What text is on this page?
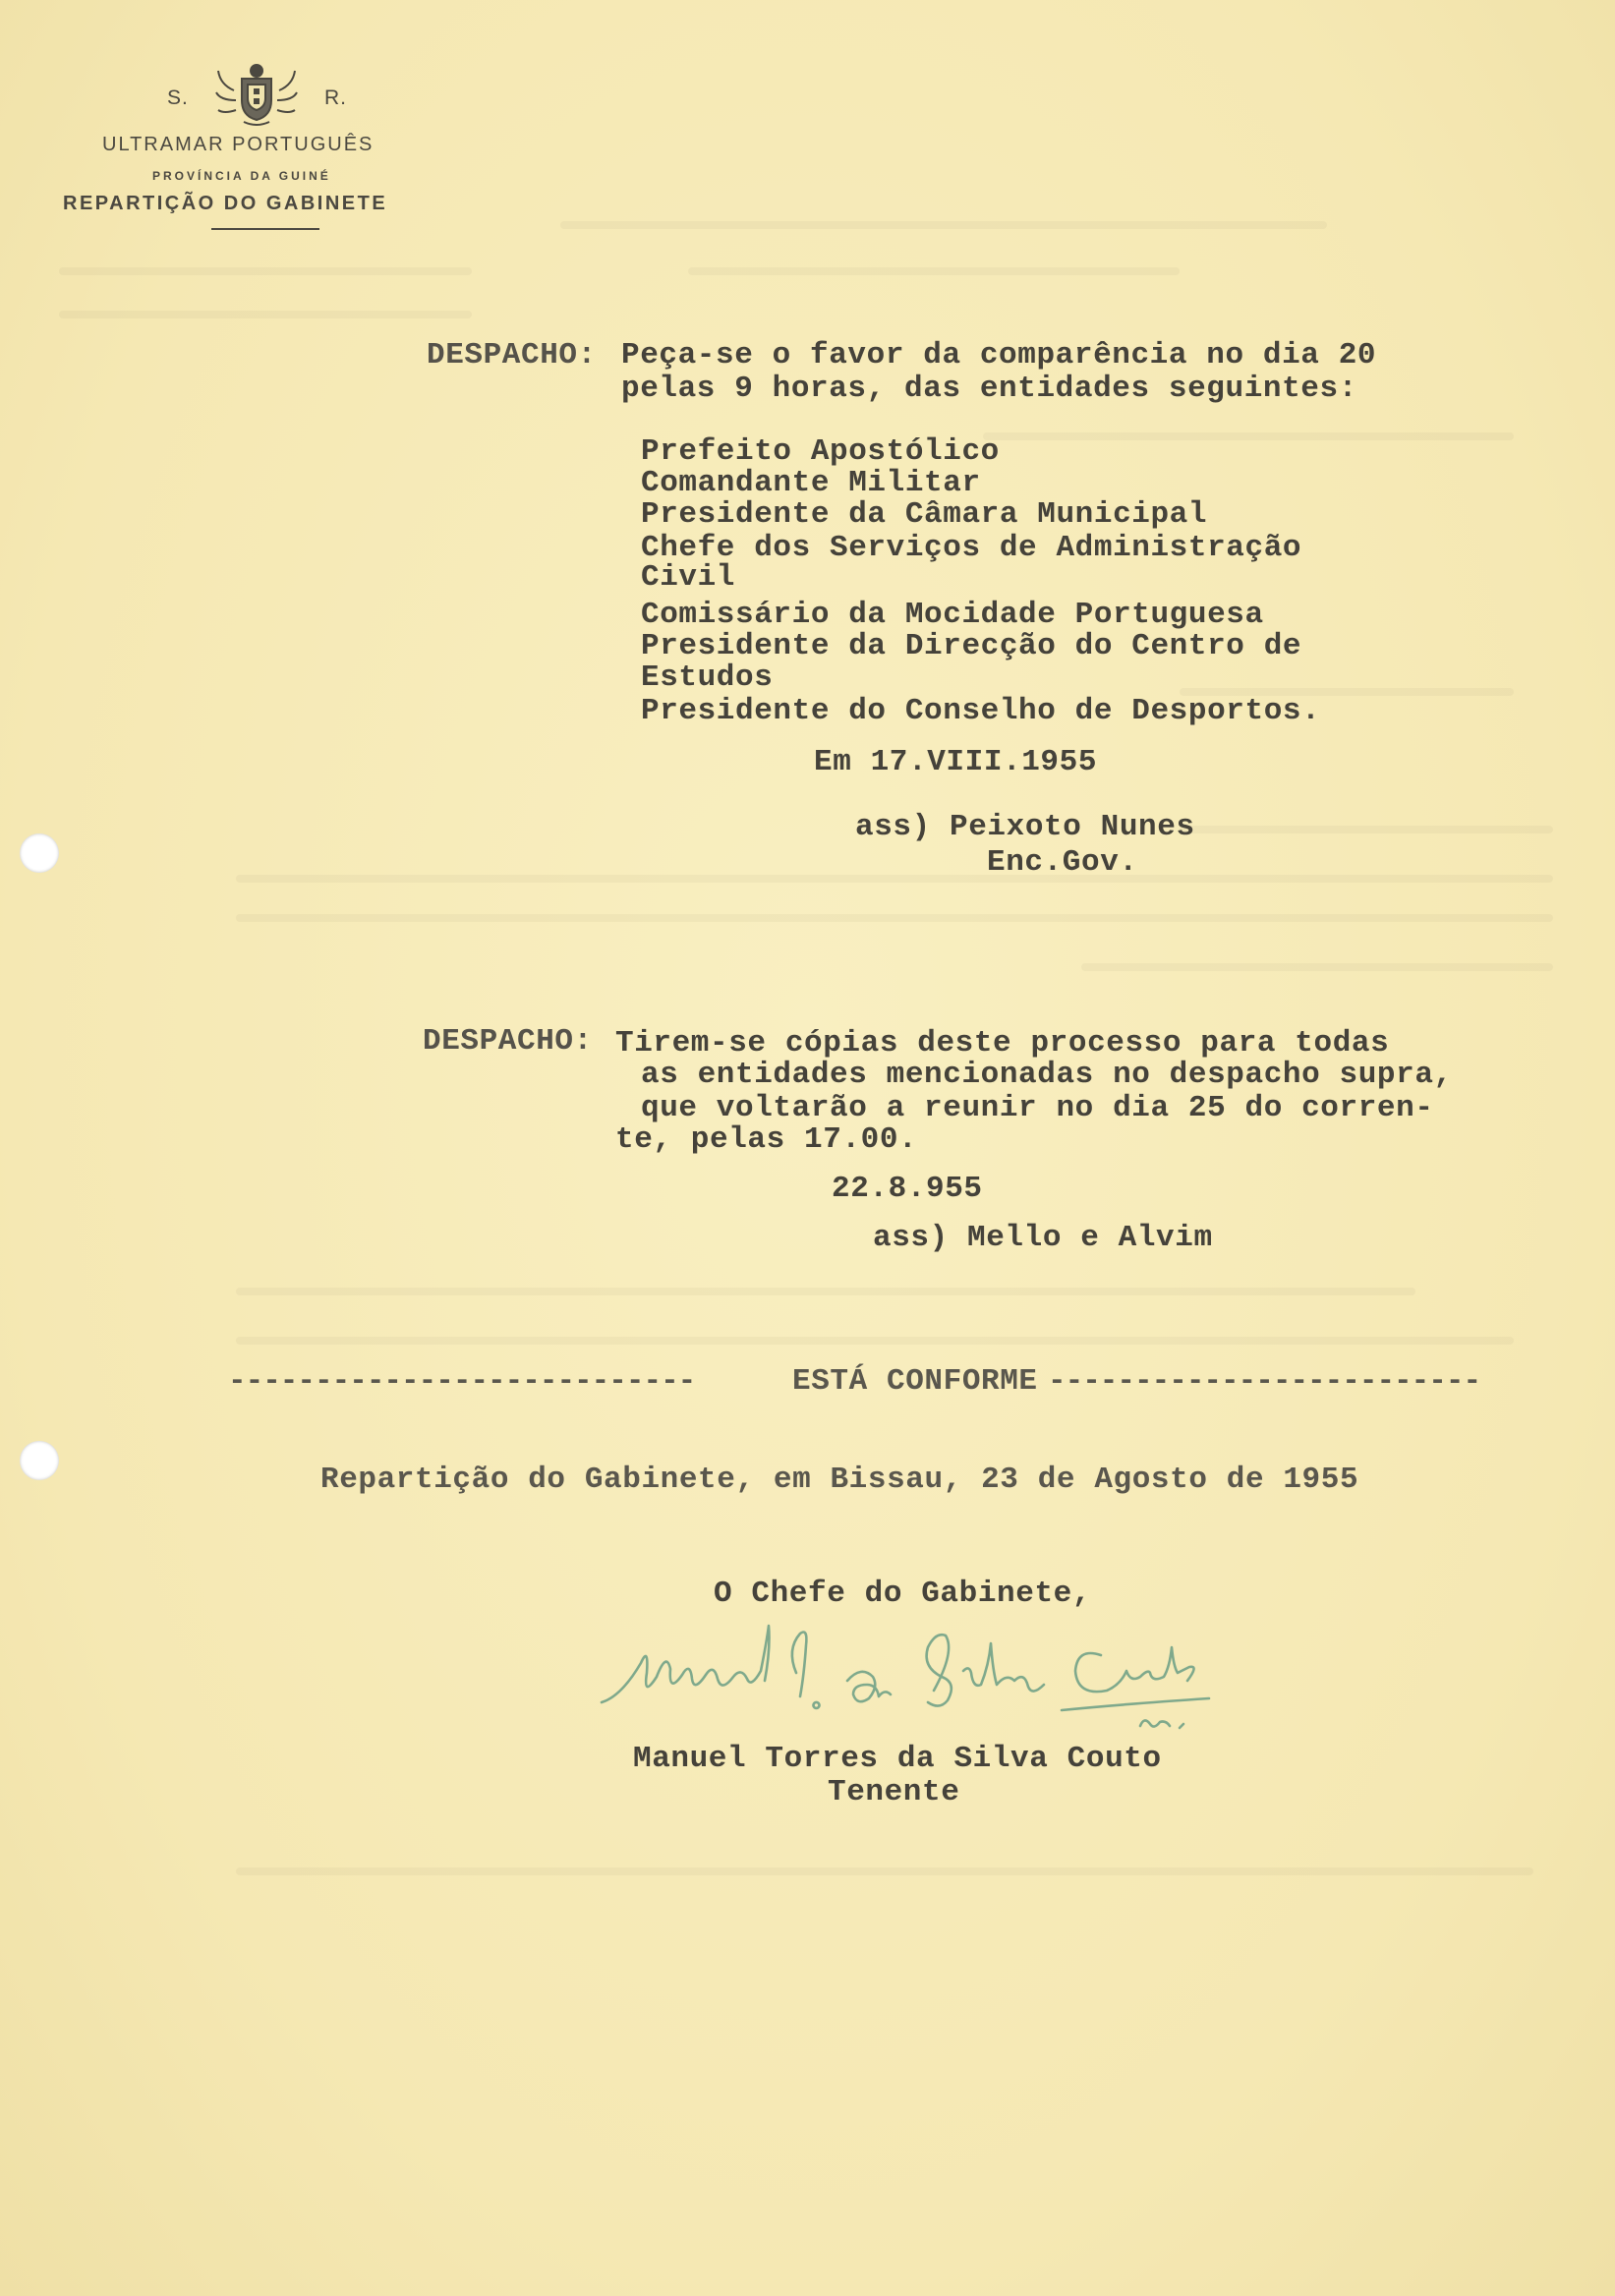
S.	R.
ULTRAMAR PORTUGUÊS
PROVÍNCIA DA GUINÉ
REPARTIÇÃO DO GABINETE
DESPACHO: Peça-se o favor da comparência no dia 20
pelas 9 horas, das entidades seguintes:
Prefeito Apostólico
Comandante Militar
Presidente da Câmara Municipal
Chefe dos Serviços de Administração
Civil
Comissário da Mocidade Portuguesa
Presidente da Direcção do Centro de
Estudos
Presidente do Conselho de Desportos.
Em 17.VIII.1955
ass) Peixoto Nunes
Enc.Gov.
DESPACHO: Tirem-se cópias deste processo para todas
as entidades mencionadas no despacho supra,
que voltarão a reunir no dia 25 do corren-
te, pelas 17.00.
22.8.955
ass) Mello e Alvim
---------------------------	ESTÁ CONFORME -------------------------
Repartição do Gabinete, em Bissau, 23 de Agosto de 1955
O Chefe do Gabinete,
Manuel Torres da Silva Couto
Tenente
